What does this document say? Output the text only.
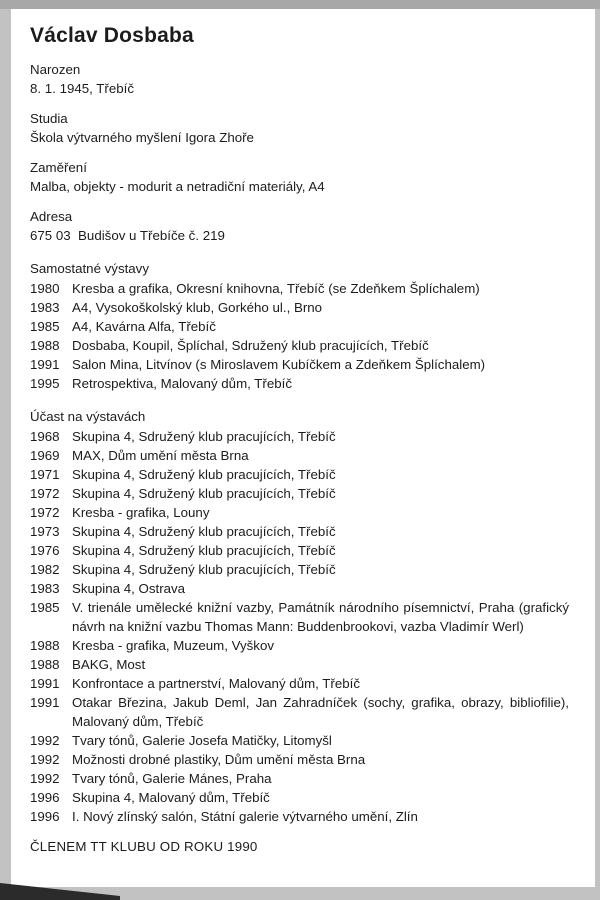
Václav Dosbaba
Narozen
8. 1. 1945, Třebíč
Studia
Škola výtvarného myšlení Igora Zhoře
Zaměření
Malba, objekty - modurit a netradiční materiály, A4
Adresa
675 03  Budišov u Třebíče č. 219
Samostatné výstavy
1980 Kresba a grafika, Okresní knihovna, Třebíč (se Zdeňkem Šplíchalem)
1983 A4, Vysokoškolský klub, Gorkého ul., Brno
1985 A4, Kavárna Alfa, Třebíč
1988 Dosbaba, Koupil, Šplíchal, Sdružený klub pracujících, Třebíč
1991 Salon Mina, Litvínov (s Miroslavem Kubíčkem a Zdeňkem Šplíchalem)
1995 Retrospektiva, Malovaný dům, Třebíč
Účast na výstavách
1968 Skupina 4, Sdružený klub pracujících, Třebíč
1969 MAX, Dům umění města Brna
1971 Skupina 4, Sdružený klub pracujících, Třebíč
1972 Skupina 4, Sdružený klub pracujících, Třebíč
1972 Kresba - grafika, Louny
1973 Skupina 4, Sdružený klub pracujících, Třebíč
1976 Skupina 4, Sdružený klub pracujících, Třebíč
1982 Skupina 4, Sdružený klub pracujících, Třebíč
1983 Skupina 4, Ostrava
1985 V. trienále umělecké knižní vazby, Památník národního písemnictví, Praha (grafický návrh na knižní vazbu Thomas Mann: Buddenbrookovi, vazba Vladimír Werl)
1988 Kresba - grafika, Muzeum, Vyškov
1988 BAKG, Most
1991 Konfrontace a partnerství, Malovaný dům, Třebíč
1991 Otakar Březina, Jakub Deml, Jan Zahradníček (sochy, grafika, obrazy, bibliofilie), Malovaný dům, Třebíč
1992 Tvary tónů, Galerie Josefa Matičky, Litomyšl
1992 Možnosti drobné plastiky, Dům umění města Brna
1992 Tvary tónů, Galerie Mánes, Praha
1996 Skupina 4, Malovaný dům, Třebíč
1996 I. Nový zlínský salón, Státní galerie výtvarného umění, Zlín
ČLENEM TT KLUBU OD ROKU 1990
